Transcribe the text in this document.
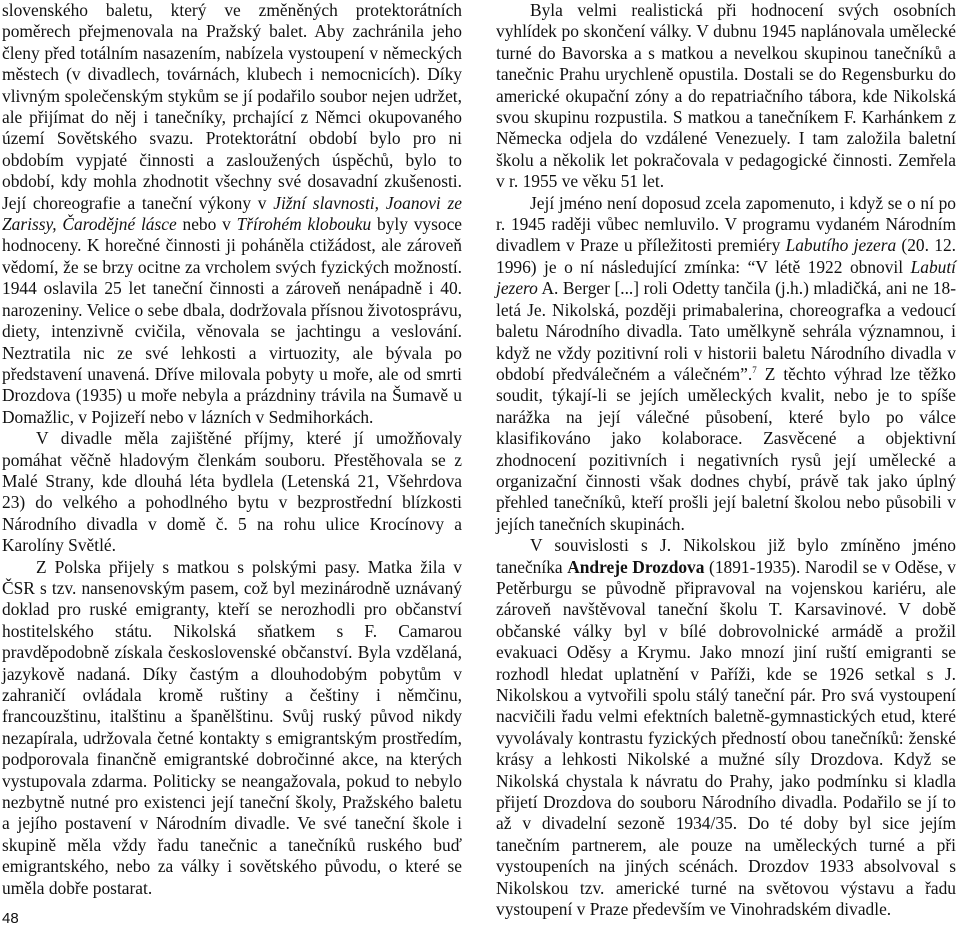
slovenského baletu, který ve změněných protektorátních poměrech přejmenovala na Pražský balet. Aby zachránila jeho členy před totálním nasazením, nabízela vystoupení v německých městech (v divadlech, továrnách, klubech i nemocnicích). Díky vlivným společenským stykům se jí podařilo soubor nejen udržet, ale přijímat do něj i tanečníky, prchající z Němci okupovaného území Sovětského svazu. Protektorátní období bylo pro ni obdobím vypjaté činnosti a zasloužených úspěchů, bylo to období, kdy mohla zhodnotit všechny své dosavadní zkušenosti. Její choreografie a taneční výkony v Jižní slavnosti, Joanovi ze Zarissy, Čarodějné lásce nebo v Třírohém klobouku byly vysoce hodnoceny. K horečné činnosti ji poháněla ctižádost, ale zároveň vědomí, že se brzy ocitne za vrcholem svých fyzických možností. 1944 oslavila 25 let taneční činnosti a zároveň nenápadně i 40. narozeniny. Velice o sebe dbala, dodržovala přísnou životosprávu, diety, intenzivně cvičila, věnovala se jachtingu a veslování. Neztratila nic ze své lehkosti a virtuozity, ale bývala po představení unavená. Dříve milovala pobyty u moře, ale od smrti Drozdova (1935) u moře nebyla a prázdniny trávila na Šumavě u Domažlic, v Pojizeří nebo v lázních v Sedmihorkách.

V divadle měla zajištěné příjmy, které jí umožňovaly pomáhat věčně hladovým členkám souboru. Přestěhovala se z Malé Strany, kde dlouhá léta bydlela (Letenská 21, Všehrdova 23) do velkého a pohodlného bytu v bezprostřední blízkosti Národního divadla v domě č. 5 na rohu ulice Krocínovy a Karolíny Světlé.

Z Polska přijely s matkou s polskými pasy. Matka žila v ČSR s tzv. nansenovským pasem, což byl mezinárodně uznávaný doklad pro ruské emigranty, kteří se nerozhodli pro občanství hostitelského státu. Nikolská sňatkem s F. Camarou pravděpodobně získala československé občanství. Byla vzdělaná, jazykově nadaná. Díky častým a dlouhodobým pobytům v zahraničí ovládala kromě ruštiny a češtiny i němčinu, francouzštinu, italštinu a španělštinu. Svůj ruský původ nikdy nezapírala, udržovala četné kontakty s emigrantským prostředím, podporovala finančně emigrantské dobročinné akce, na kterých vystupovala zdarma. Politicky se neangažovala, pokud to nebylo nezbytně nutné pro existenci její taneční školy, Pražského baletu a jejího postavení v Národním divadle. Ve své taneční škole i skupině měla vždy řadu tanečnic a tanečníků ruského buď emigrantského, nebo za války i sovětského původu, o které se uměla dobře postarat.

Byla velmi realistická při hodnocení svých osobních vyhlídek po skončení války. V dubnu 1945 naplánovala umělecké turné do Bavorska a s matkou a nevelkou skupinou tanečníků a tanečnic Prahu urychleně opustila. Dostali se do Regensburku do americké okupační zóny a do repatriačního tábora, kde Nikolská svou skupinu rozpustila. S matkou a tanečníkem F. Karhánkem z Německa odjela do vzdálené Venezuely. I tam založila baletní školu a několik let pokračovala v pedagogické činnosti. Zemřela v r. 1955 ve věku 51 let.

Její jméno není doposud zcela zapomenuto, i když se o ní po r. 1945 raději vůbec nemluvilo. V programu vydaném Národním divadlem v Praze u příležitosti premiéry Labutího jezera (20. 12. 1996) je o ní následující zmínka: “V létě 1922 obnovil Labutí jezero A. Berger [...] roli Odetty tančila (j.h.) mladičká, ani ne 18-letá Je. Nikolská, později primabalerina, choreografka a vedoucí baletu Národního divadla. Tato umělkyně sehrála významnou, i když ne vždy pozitivní roli v historii baletu Národního divadla v období předválečném a válečném”.$^7$ Z těchto výhrad lze těžko soudit, týkají-li se jejích uměleckých kvalit, nebo je to spíše narážka na její válečné působení, které bylo po válce klasifikováno jako kolaborace. Zasvěcené a objektivní zhodnocení pozitivních i negativních rysů její umělecké a organizační činnosti však dodnes chybí, právě tak jako úplný přehled tanečníků, kteří prošli její baletní školou nebo působili v jejích tanečních skupinách.

V souvislosti s J. Nikolskou již bylo zmíněno jméno tanečníka Andreje Drozdova (1891-1935). Narodil se v Oděse, v Petěrburgu se původně připravoval na vojenskou kariéru, ale zároveň navštěvoval taneční školu T. Karsavinové. V době občanské války byl v bílé dobrovolnické armádě a prožil evakuaci Oděsy a Krymu. Jako mnozí jiní ruští emigranti se rozhodl hledat uplatnění v Paříži, kde se 1926 setkal s J. Nikolskou a vytvořili spolu stálý taneční pár. Pro svá vystoupení nacvičili řadu velmi efektních baletně-gymnastických etud, které vyvolávaly kontrastu fyzických předností obou tanečníků: ženské krásy a lehkosti Nikolské a mužné síly Drozdova. Když se Nikolská chystala k návratu do Prahy, jako podmínku si kladla přijetí Drozdova do souboru Národního divadla. Podařilo se jí to až v divadelní sezoně 1934/35. Do té doby byl sice jejím tanečním partnerem, ale pouze na uměleckých turné a při vystoupeních na jiných scénách. Drozdov 1933 absolvoval s Nikolskou tzv. americké turné na světovou výstavu a řadu vystoupení v Praze především ve Vinohradském divadle.

48
